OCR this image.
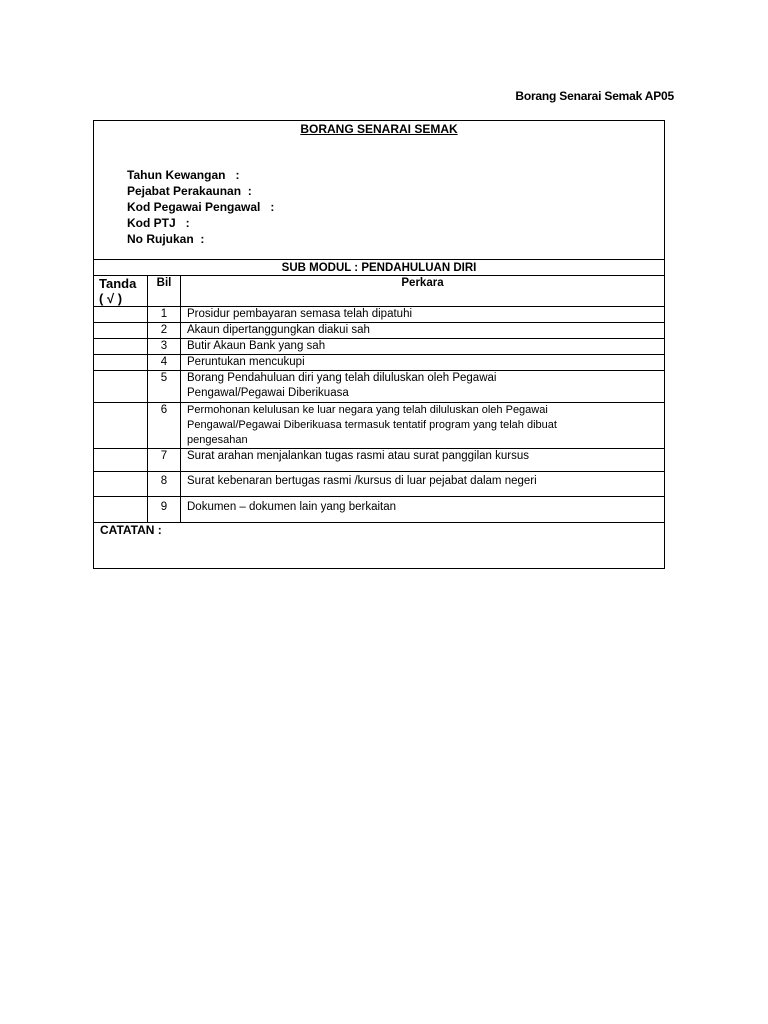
Borang Senarai Semak AP05
BORANG SENARAI SEMAK
Tahun Kewangan   :
Pejabat Perakaunan  :
Kod Pegawai Pengawal   :
Kod PTJ   :
No Rujukan  :
SUB MODUL : PENDAHULUAN DIRI
Tanda
( √ )	Bil	Perkara
	1	Prosidur pembayaran semasa telah dipatuhi
	2	Akaun dipertanggungkan diakui sah
	3	Butir Akaun Bank yang sah
	4	Peruntukan mencukupi
	5	Borang Pendahuluan diri yang telah diluluskan oleh Pegawai Pengawal/Pegawai Diberikuasa
	6	Permohonan kelulusan ke luar negara yang telah diluluskan oleh Pegawai Pengawal/Pegawai Diberikuasa termasuk tentatif program yang telah dibuat pengesahan
	7	Surat arahan menjalankan tugas rasmi atau surat panggilan kursus
	8	Surat kebenaran bertugas rasmi /kursus di luar pejabat dalam negeri
	9	Dokumen – dokumen lain yang berkaitan
CATATAN :
